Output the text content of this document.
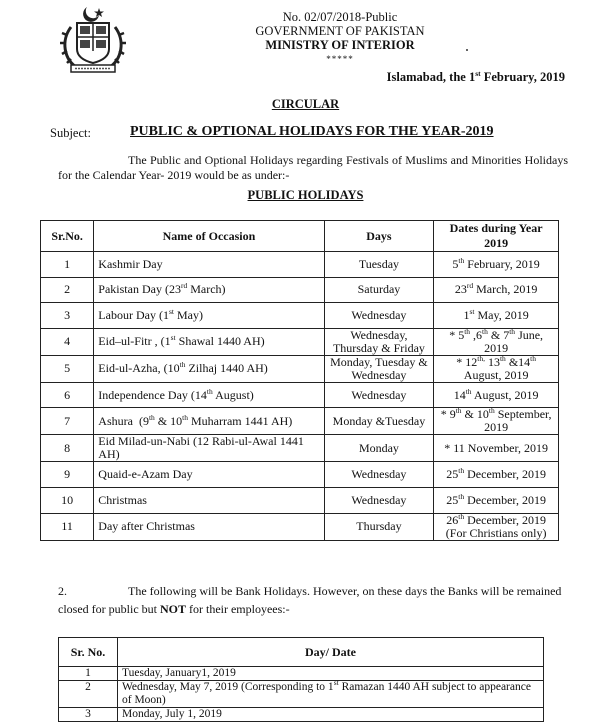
No. 02/07/2018-Public
GOVERNMENT OF PAKISTAN
MINISTRY OF INTERIOR
*****
Islamabad, the 1st February, 2019
CIRCULAR
Subject:	PUBLIC & OPTIONAL HOLIDAYS FOR THE YEAR-2019
The Public and Optional Holidays regarding Festivals of Muslims and Minorities Holidays for the Calendar Year- 2019 would be as under:-
PUBLIC HOLIDAYS
Sr.No.	Name of Occasion	Days	Dates during Year 2019
1	Kashmir Day	Tuesday	5th February, 2019
2	Pakistan Day (23rd March)	Saturday	23rd March, 2019
3	Labour Day (1st May)	Wednesday	1st May, 2019
4	Eid–ul-Fitr , (1st Shawal 1440 AH)	Wednesday, Thursday & Friday	* 5th ,6th & 7th June, 2019
5	Eid-ul-Azha, (10th Zilhaj 1440 AH)	Monday, Tuesday & Wednesday	* $12^{th,}$ 13th &14th August, 2019
6	Independence Day (14th August)	Wednesday	14th August, 2019
7	Ashura  (9th & 10th Muharram 1441 AH)	Monday &Tuesday	* 9th & 10th September, 2019
8	Eid Milad-un-Nabi (12 Rabi-ul-Awal 1441 AH)	Monday	* 11 November, 2019
9	Quaid-e-Azam Day	Wednesday	25th December, 2019
10	Christmas	Wednesday	25th December, 2019
11	Day after Christmas	Thursday	26th December, 2019 (For Christians only)
2.	The following will be Bank Holidays. However, on these days the Banks will be remained closed for public but NOT for their employees:-
Sr. No.	Day/ Date
1	Tuesday, January1, 2019
2	Wednesday, May 7, 2019 (Corresponding to 1st Ramazan 1440 AH subject to appearance of Moon)
3	Monday, July 1, 2019
